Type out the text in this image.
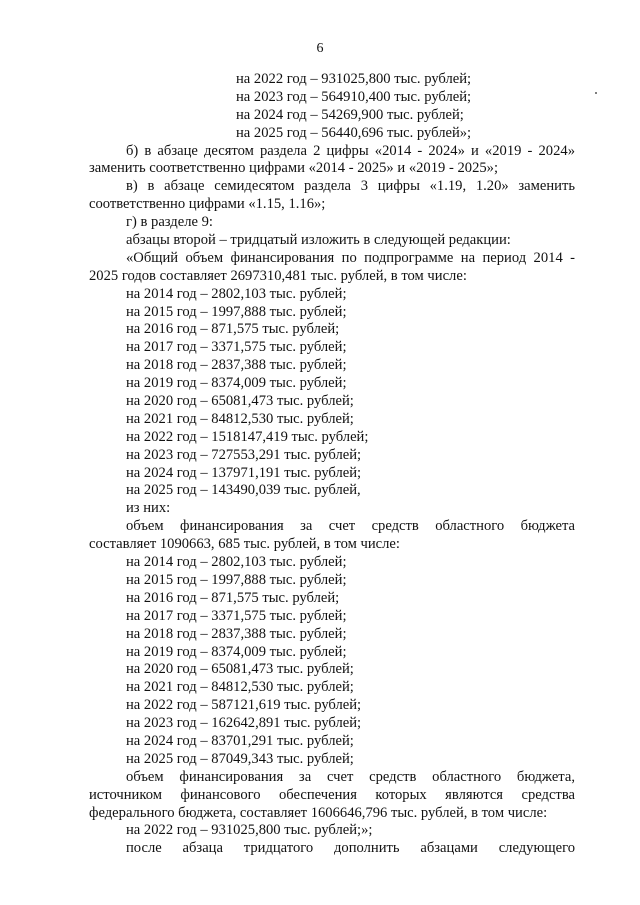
6
на 2022 год – 931025,800 тыс. рублей;
на 2023 год – 564910,400 тыс. рублей;
на 2024 год – 54269,900 тыс. рублей;
на 2025 год – 56440,696 тыс. рублей»;
б) в абзаце десятом раздела 2 цифры «2014 - 2024» и «2019 - 2024»
заменить соответственно цифрами «2014 - 2025» и «2019 - 2025»;
в) в абзаце семидесятом раздела 3 цифры «1.19, 1.20» заменить
соответственно цифрами «1.15, 1.16»;
г) в разделе 9:
абзацы второй – тридцатый изложить в следующей редакции:
«Общий объем финансирования по подпрограмме на период 2014 -
2025 годов составляет 2697310,481 тыс. рублей, в том числе:
на 2014 год – 2802,103 тыс. рублей;
на 2015 год – 1997,888 тыс. рублей;
на 2016 год – 871,575 тыс. рублей;
на 2017 год – 3371,575 тыс. рублей;
на 2018 год – 2837,388 тыс. рублей;
на 2019 год – 8374,009 тыс. рублей;
на 2020 год – 65081,473 тыс. рублей;
на 2021 год – 84812,530 тыс. рублей;
на 2022 год – 1518147,419 тыс. рублей;
на 2023 год – 727553,291 тыс. рублей;
на 2024 год – 137971,191 тыс. рублей;
на 2025 год – 143490,039 тыс. рублей,
из них:
объем финансирования за счет средств областного бюджета
составляет 1090663, 685 тыс. рублей, в том числе:
на 2014 год – 2802,103 тыс. рублей;
на 2015 год – 1997,888 тыс. рублей;
на 2016 год – 871,575 тыс. рублей;
на 2017 год – 3371,575 тыс. рублей;
на 2018 год – 2837,388 тыс. рублей;
на 2019 год – 8374,009 тыс. рублей;
на 2020 год – 65081,473 тыс. рублей;
на 2021 год – 84812,530 тыс. рублей;
на 2022 год – 587121,619 тыс. рублей;
на 2023 год – 162642,891 тыс. рублей;
на 2024 год – 83701,291 тыс. рублей;
на 2025 год – 87049,343 тыс. рублей;
объем финансирования за счет средств областного бюджета,
источником финансового обеспечения которых являются средства
федерального бюджета, составляет 1606646,796 тыс. рублей, в том числе:
на 2022 год – 931025,800 тыс. рублей;»;
после абзаца тридцатого дополнить абзацами следующего
